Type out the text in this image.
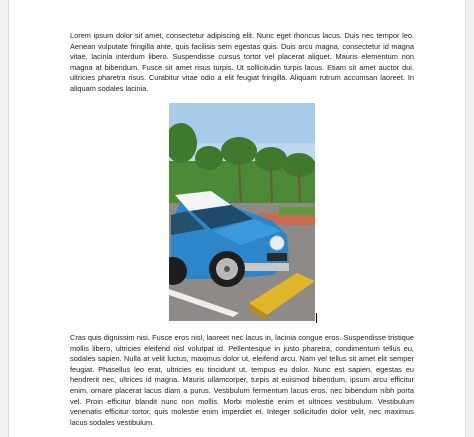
Lorem ipsum dolor sit amet, consectetur adipiscing elit. Nunc eget rhoncus lacus. Duis nec tempor leo. Aenean vulputate fringilla ante, quis facilisis sem egestas quis. Duis arcu magna, consectetur id magna vitae, lacinia interdum libero. Suspendisse cursus tortor vel placerat aliquet. Mauris elementum non magna at bibendum. Fusce sit amet risus turpis. Ut sollicitudin turpis lacus. Etiam sit amet auctor dui, ultricies pharetra risus. Curabitur vitae odio a elit feugiat fringilla. Aliquam rutrum accumsan laoreet. In aliquam sodales lacinia.

Cras quis dignissim nisi. Fusce eros nisl, laoreet nec lacus in, lacinia congue eros. Suspendisse tristique mollis libero, ultricies eleifend nisl volutpat id. Pellentesque in justo pharetra, condimentum tellus eu, sodales sapien. Nulla at velit luctus, maximus dolor ut, eleifend arcu. Nam vel tellus sit amet elit semper feugiat. Phasellus leo erat, ultricies eu tincidunt ut, tempus eu dolor. Nunc est sapien, egestas eu hendrerit nec, ultrices id magna. Mauris ullamcorper, turpis at euismod bibendum, ipsum arcu efficitur enim, ornare placerat lacus diam a purus. Vestibulum fermentum lacus eros, nec bibendum nibh porta vel. Proin efficitur blandit nunc non mollis. Morbi molestie enim et ultrices vestibulum. Vestibulum venenatis efficitur tortor, quis molestie enim imperdiet et. Integer sollicitudin dolor velit, nec maximus lacus sodales vestibulum.
